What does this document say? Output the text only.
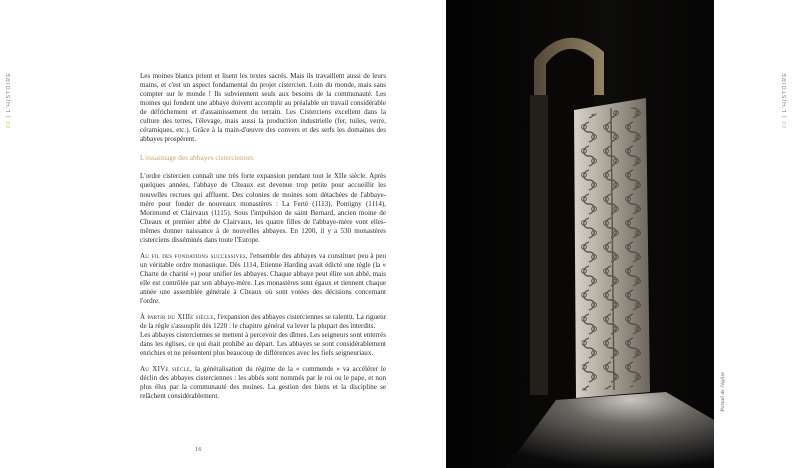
02 | L'HISTOIRE
02 | L'HISTOIRE

Les moines blancs prient et lisent les textes sacrés. Mais ils travaillent aussi de leurs mains, et c'est un aspect fondamental du projet cistercien. Loin du monde, mais sans compter sur le monde ! Ils subviennent seuls aux besoins de la communauté. Les moines qui fondent une abbaye doivent accomplir au préalable un travail considérable de défrichement et d'assainissement du terrain. Les Cisterciens excellent dans la culture des terres, l'élevage, mais aussi la production industrielle (fer, tuiles, verre, céramiques, etc.). Grâce à la main-d'œuvre des convers et des serfs les domaines des abbayes prospèrent.

L'essaimage des abbayes cisterciennes

L'ordre cistercien connaît une très forte expansion pendant tout le XIIe siècle. Après quelques années, l'abbaye de Cîteaux est devenue trop petite pour accueillir les nouvelles recrues qui affluent. Des colonies de moines sont détachées de l'abbaye-mère pour fonder de nouveaux monastères : La Ferté (1113), Pontigny (1114), Morimond et Clairvaux (1115). Sous l'impulsion de saint Bernard, ancien moine de Cîteaux et premier abbé de Clairvaux, les quatre filles de l'abbaye-mère vont elles-mêmes donner naissance à de nouvelles abbayes. En 1200, il y a 530 monastères cisterciens disséminés dans toute l'Europe.

Au fil des fondations successives, l'ensemble des abbayes va constituer peu à peu un véritable ordre monastique. Dès 1114, Etienne Harding avait édicté une règle (la « Charte de charité ») pour unifier les abbayes. Chaque abbaye peut élire son abbé, mais elle est contrôlée par son abbaye-mère. Les monastères sont égaux et tiennent chaque année une assemblée générale à Cîteaux où sont votées des décisions concernant l'ordre.

À partir du XIIIe siècle, l'expansion des abbayes cisterciennes se ralentit. La rigueur de la règle s'assouplit dès 1220 : le chapitre général va lever la plupart des interdits.

Les abbayes cisterciennes se mettent à percevoir des dîmes. Les seigneurs sont enterrés dans les églises, ce qui était prohibé au départ. Les abbayes se sont considérablement enrichies et ne présentent plus beaucoup de différences avec les fiefs seigneuriaux.

Au XIVe siècle, la généralisation du régime de la « commende » va accélérer le déclin des abbayes cisterciennes : les abbés sont nommés par le roi ou le pape, et non plus élus par la communauté des moines. La gestion des biens et la discipline se relâchent considérablement.

16
Portail de l'église
